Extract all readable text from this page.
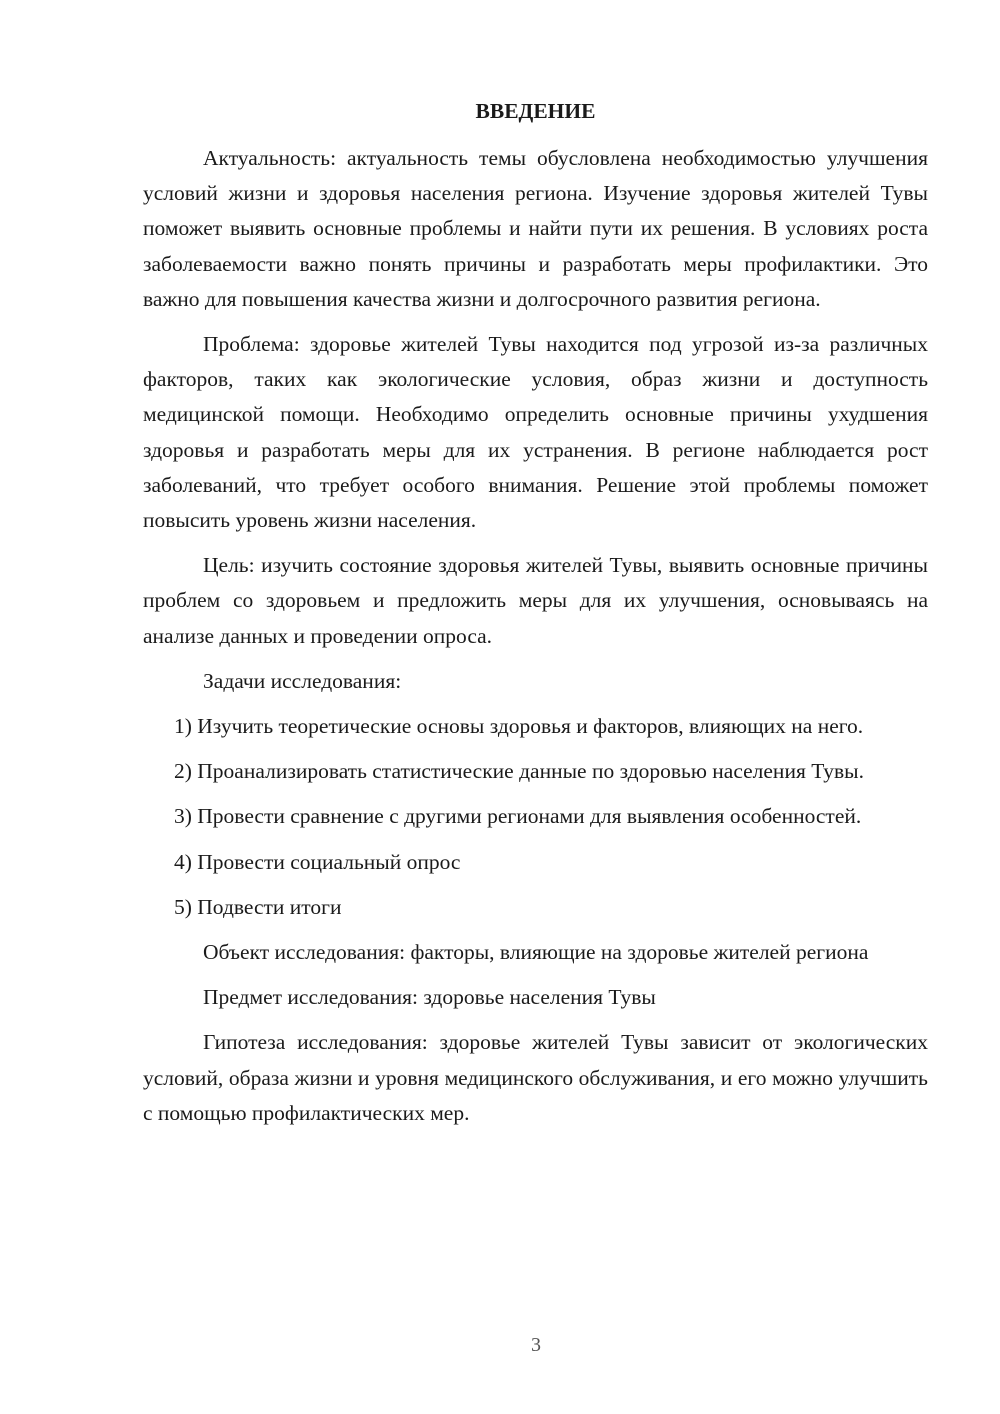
ВВЕДЕНИЕ

Актуальность: актуальность темы обусловлена необходимостью улучшения условий жизни и здоровья населения региона. Изучение здоровья жителей Тувы поможет выявить основные проблемы и найти пути их решения. В условиях роста заболеваемости важно понять причины и разработать меры профилактики. Это важно для повышения качества жизни и долгосрочного развития региона.

Проблема: здоровье жителей Тувы находится под угрозой из-за различных факторов, таких как экологические условия, образ жизни и доступность медицинской помощи. Необходимо определить основные причины ухудшения здоровья и разработать меры для их устранения. В регионе наблюдается рост заболеваний, что требует особого внимания. Решение этой проблемы поможет повысить уровень жизни населения.

Цель: изучить состояние здоровья жителей Тувы, выявить основные причины проблем со здоровьем и предложить меры для их улучшения, основываясь на анализе данных и проведении опроса.

Задачи исследования:

1) Изучить теоретические основы здоровья и факторов, влияющих на него.

2) Проанализировать статистические данные по здоровью населения Тувы.

3) Провести сравнение с другими регионами для выявления особенностей.

4) Провести социальный опрос

5) Подвести итоги

Объект исследования: факторы, влияющие на здоровье жителей региона

Предмет исследования: здоровье населения Тувы

Гипотеза исследования: здоровье жителей Тувы зависит от экологических условий, образа жизни и уровня медицинского обслуживания, и его можно улучшить с помощью профилактических мер.

3
